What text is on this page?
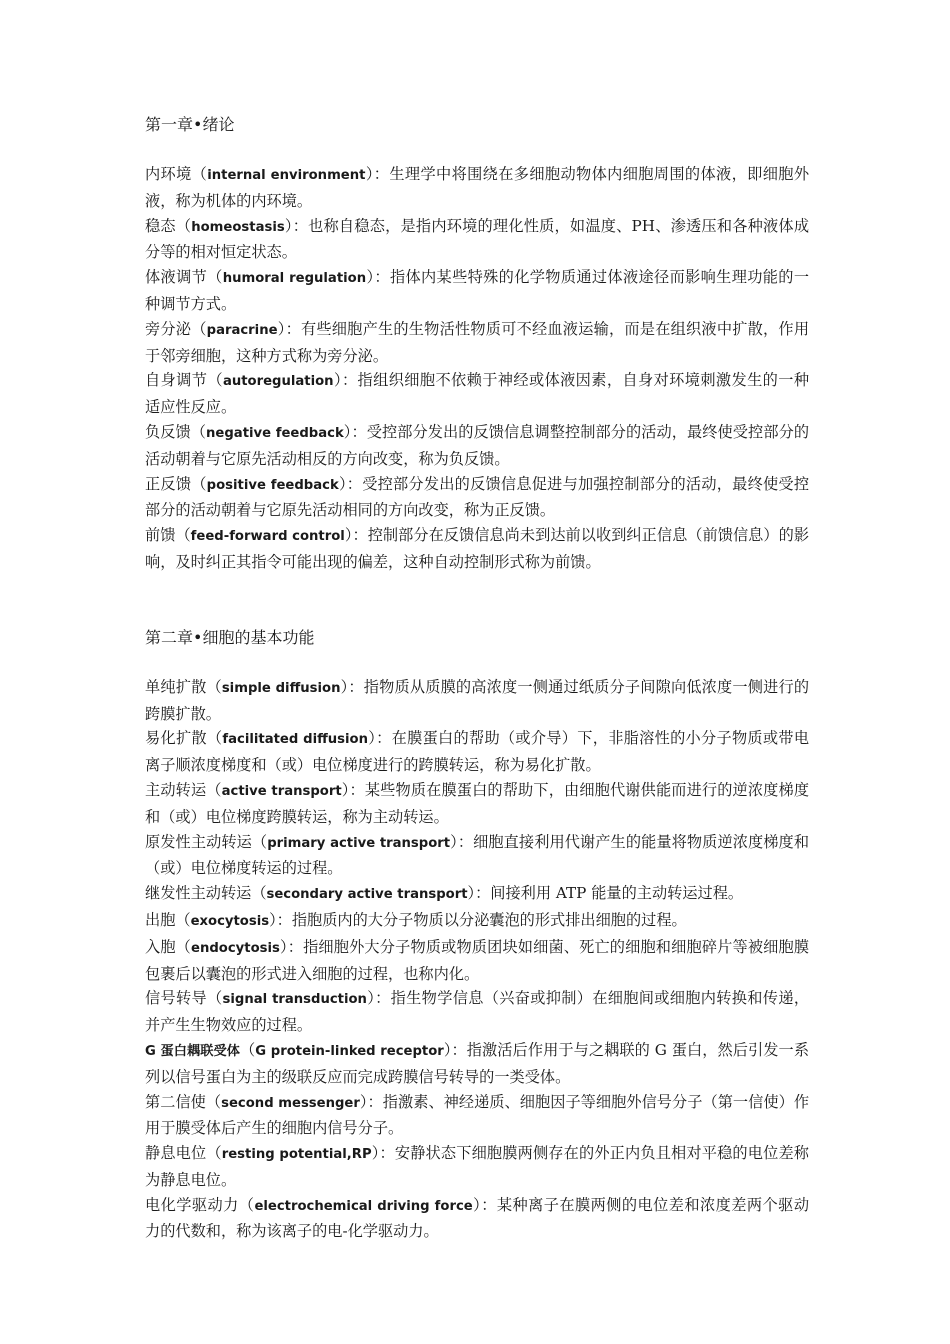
第一章•绪论

内环境（internal environment）：生理学中将围绕在多细胞动物体内细胞周围的体液，即细胞外液，称为机体的内环境。

稳态（homeostasis）：也称自稳态，是指内环境的理化性质，如温度、PH、渗透压和各种液体成分等的相对恒定状态。

体液调节（humoral regulation）：指体内某些特殊的化学物质通过体液途径而影响生理功能的一种调节方式。

旁分泌（paracrine）：有些细胞产生的生物活性物质可不经血液运输，而是在组织液中扩散，作用于邻旁细胞，这种方式称为旁分泌。

自身调节（autoregulation）：指组织细胞不依赖于神经或体液因素，自身对环境刺激发生的一种适应性反应。

负反馈（negative feedback）：受控部分发出的反馈信息调整控制部分的活动，最终使受控部分的活动朝着与它原先活动相反的方向改变，称为负反馈。

正反馈（positive feedback）：受控部分发出的反馈信息促进与加强控制部分的活动，最终使受控部分的活动朝着与它原先活动相同的方向改变，称为正反馈。

前馈（feed-forward control）：控制部分在反馈信息尚未到达前以收到纠正信息（前馈信息）的影响，及时纠正其指令可能出现的偏差，这种自动控制形式称为前馈。

第二章•细胞的基本功能

单纯扩散（simple diffusion）：指物质从质膜的高浓度一侧通过纸质分子间隙向低浓度一侧进行的跨膜扩散。

易化扩散（facilitated diffusion）：在膜蛋白的帮助（或介导）下，非脂溶性的小分子物质或带电离子顺浓度梯度和（或）电位梯度进行的跨膜转运，称为易化扩散。

主动转运（active transport）：某些物质在膜蛋白的帮助下，由细胞代谢供能而进行的逆浓度梯度和（或）电位梯度跨膜转运，称为主动转运。

原发性主动转运（primary active transport）：细胞直接利用代谢产生的能量将物质逆浓度梯度和（或）电位梯度转运的过程。

继发性主动转运（secondary active transport）：间接利用 ATP 能量的主动转运过程。

出胞（exocytosis）：指胞质内的大分子物质以分泌囊泡的形式排出细胞的过程。

入胞（endocytosis）：指细胞外大分子物质或物质团块如细菌、死亡的细胞和细胞碎片等被细胞膜包裹后以囊泡的形式进入细胞的过程，也称内化。

信号转导（signal transduction）：指生物学信息（兴奋或抑制）在细胞间或细胞内转换和传递，并产生生物效应的过程。

G 蛋白耦联受体（G protein-linked receptor）：指激活后作用于与之耦联的 G 蛋白，然后引发一系列以信号蛋白为主的级联反应而完成跨膜信号转导的一类受体。

第二信使（second messenger）：指激素、神经递质、细胞因子等细胞外信号分子（第一信使）作用于膜受体后产生的细胞内信号分子。

静息电位（resting potential,RP）：安静状态下细胞膜两侧存在的外正内负且相对平稳的电位差称为静息电位。

电化学驱动力（electrochemical driving force）：某种离子在膜两侧的电位差和浓度差两个驱动力的代数和，称为该离子的电-化学驱动力。
